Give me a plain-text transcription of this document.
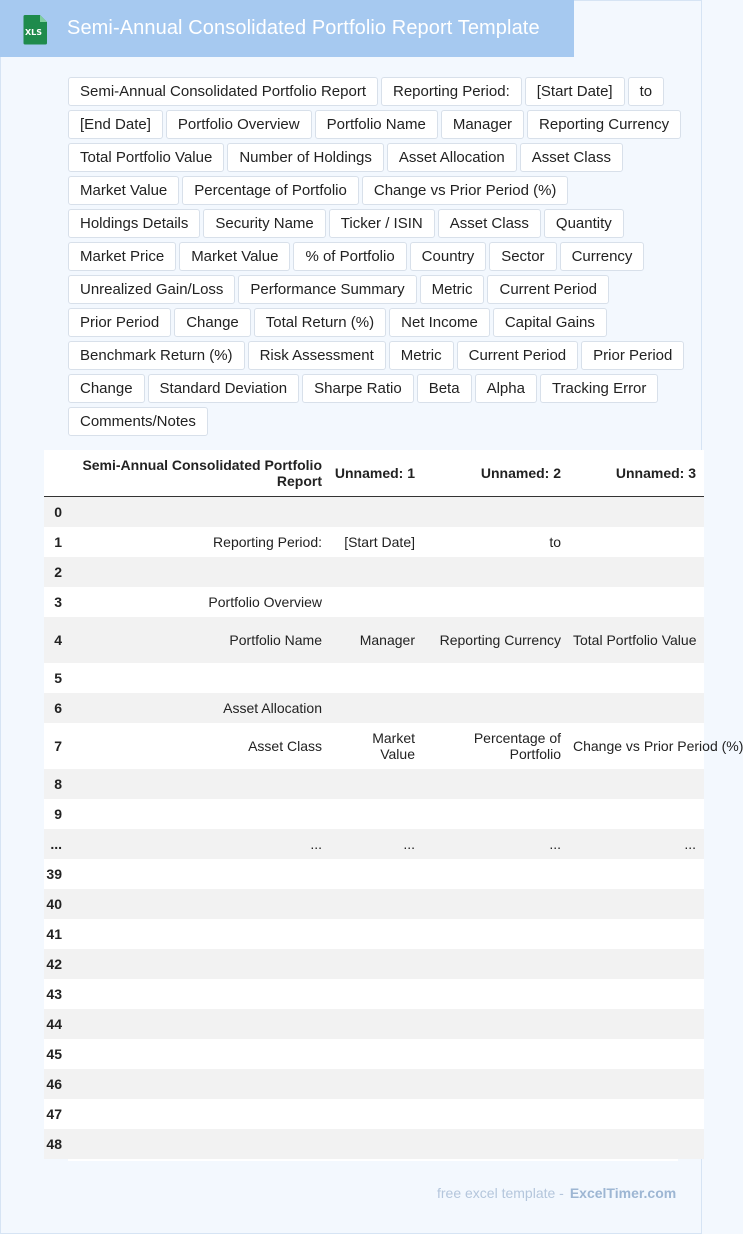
XLS Semi-Annual Consolidated Portfolio Report Template
Semi-Annual Consolidated Portfolio Report	Reporting Period:	[Start Date]	to
[End Date]	Portfolio Overview	Portfolio Name	Manager	Reporting Currency
Total Portfolio Value	Number of Holdings	Asset Allocation	Asset Class
Market Value	Percentage of Portfolio	Change vs Prior Period (%)
Holdings Details	Security Name	Ticker / ISIN	Asset Class	Quantity
Market Price	Market Value	% of Portfolio	Country	Sector	Currency
Unrealized Gain/Loss	Performance Summary	Metric	Current Period
Prior Period	Change	Total Return (%)	Net Income	Capital Gains
Benchmark Return (%)	Risk Assessment	Metric	Current Period	Prior Period
Change	Standard Deviation	Sharpe Ratio	Beta	Alpha	Tracking Error
Comments/Notes
	Semi-Annual Consolidated Portfolio Report	Unnamed: 1	Unnamed: 2	Unnamed: 3
0				
1	Reporting Period:	[Start Date]	to	
2				
3	Portfolio Overview			
4	Portfolio Name	Manager	Reporting Currency	Total Portfolio Value
5				
6	Asset Allocation			
7	Asset Class	Market Value	Percentage of Portfolio	Change vs Prior Period (%)
8				
9				
...	...	...	...	...
39				
40				
41				
42				
43				
44				
45				
46				
47				
48				
free excel template - ExcelTimer.com
